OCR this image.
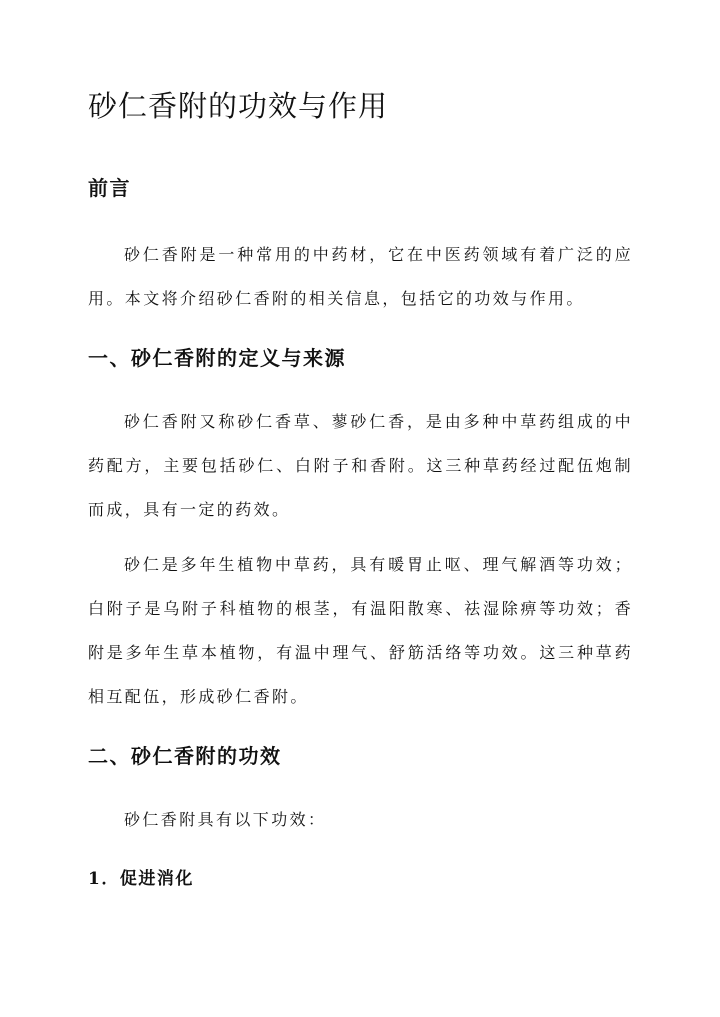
砂仁香附的功效与作用
前言

砂仁香附是一种常用的中药材，它在中医药领域有着广泛的应用。本文将介绍砂仁香附的相关信息，包括它的功效与作用。

一、砂仁香附的定义与来源

砂仁香附又称砂仁香草、蓼砂仁香，是由多种中草药组成的中药配方，主要包括砂仁、白附子和香附。这三种草药经过配伍炮制而成，具有一定的药效。

砂仁是多年生植物中草药，具有暖胃止呕、理气解酒等功效；白附子是乌附子科植物的根茎，有温阳散寒、祛湿除痹等功效；香附是多年生草本植物，有温中理气、舒筋活络等功效。这三种草药相互配伍，形成砂仁香附。

二、砂仁香附的功效

砂仁香附具有以下功效：

1．促进消化
